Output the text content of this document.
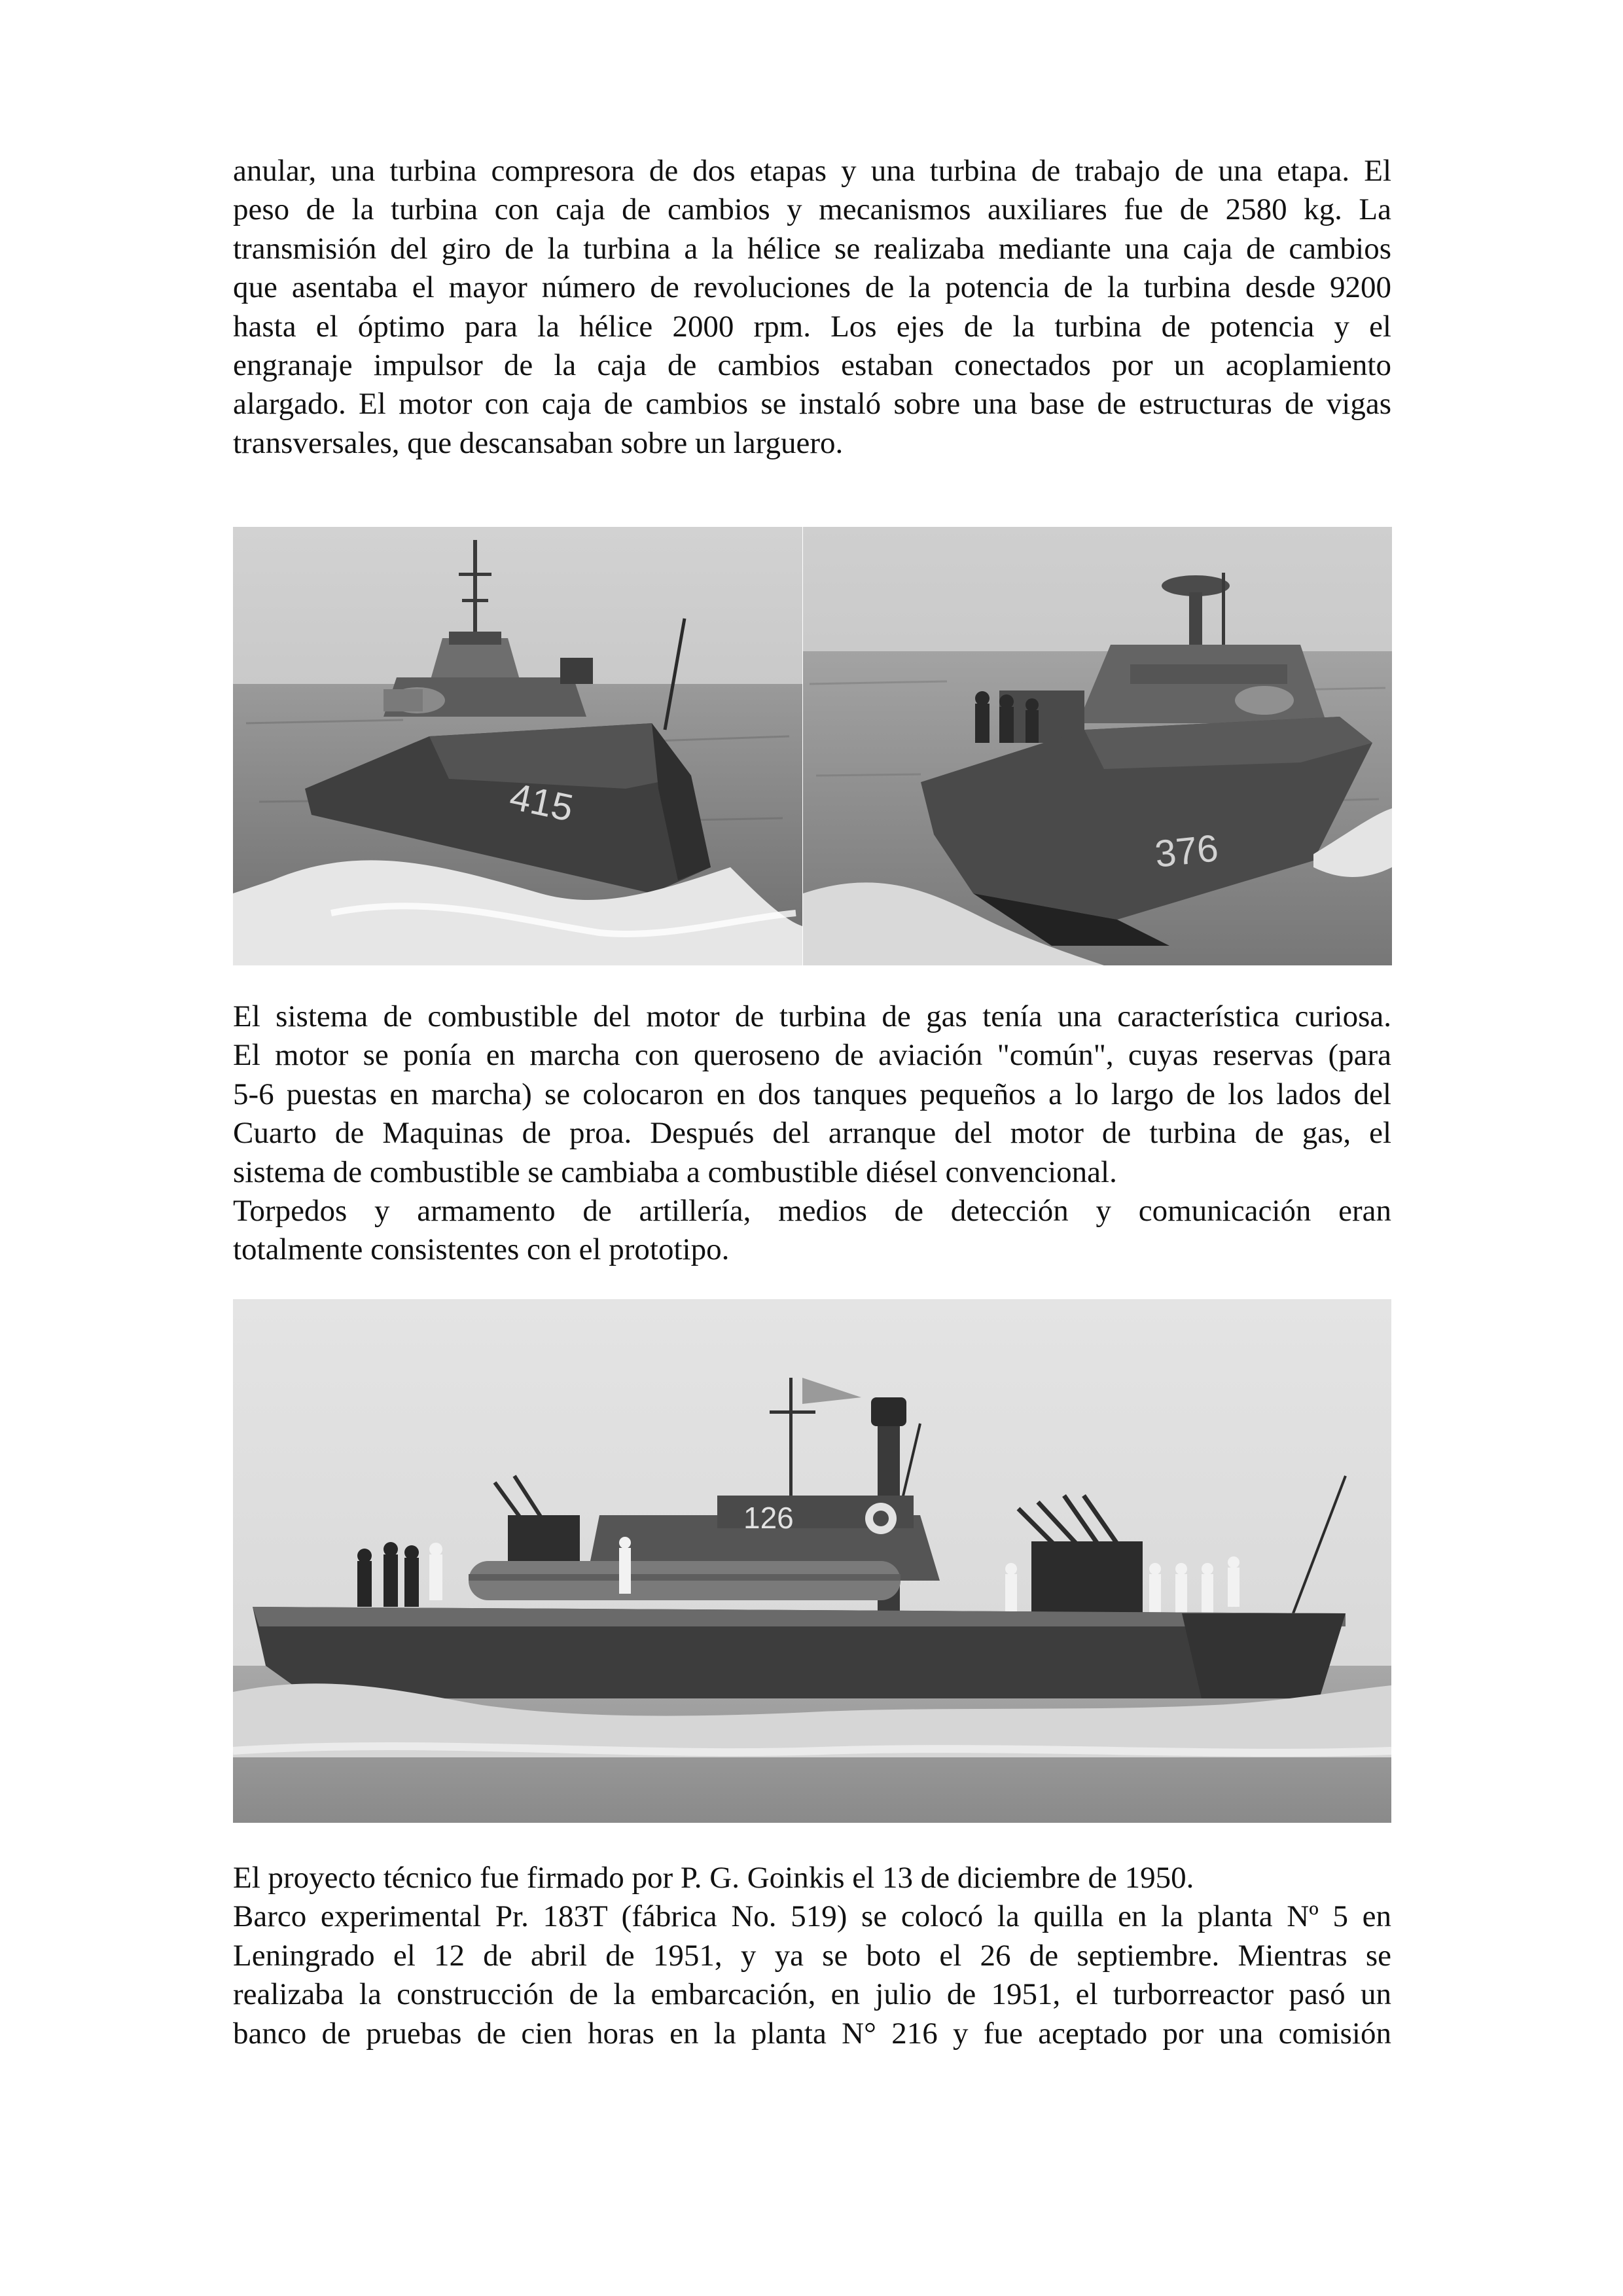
anular, una turbina compresora de dos etapas y una turbina de trabajo de una etapa. El
peso de la turbina con caja de cambios y mecanismos auxiliares fue de 2580 kg. La
transmisión del giro de la turbina a la hélice se realizaba mediante una caja de cambios
que asentaba el mayor número de revoluciones de la potencia de la turbina desde 9200
hasta el óptimo para la hélice 2000 rpm. Los ejes de la turbina de potencia y el
engranaje impulsor de la caja de cambios estaban conectados por un acoplamiento
alargado. El motor con caja de cambios se instaló sobre una base de estructuras de vigas
transversales, que descansaban sobre un larguero.
415
376
El sistema de combustible del motor de turbina de gas tenía una característica curiosa.
El motor se ponía en marcha con queroseno de aviación "común", cuyas reservas (para
5-6 puestas en marcha) se colocaron en dos tanques pequeños a lo largo de los lados del
Cuarto de Maquinas de proa. Después del arranque del motor de turbina de gas, el
sistema de combustible se cambiaba a combustible diésel convencional.
Torpedos y armamento de artillería, medios de detección y comunicación eran
totalmente consistentes con el prototipo.
126
El proyecto técnico fue firmado por P. G. Goinkis el 13 de diciembre de 1950.
Barco experimental Pr. 183T (fábrica No. 519) se colocó la quilla en la planta Nº 5 en
Leningrado el 12 de abril de 1951, y ya se boto el 26 de septiembre. Mientras se
realizaba la construcción de la embarcación, en julio de 1951, el turborreactor pasó un
banco de pruebas de cien horas en la planta N° 216 y fue aceptado por una comisión
